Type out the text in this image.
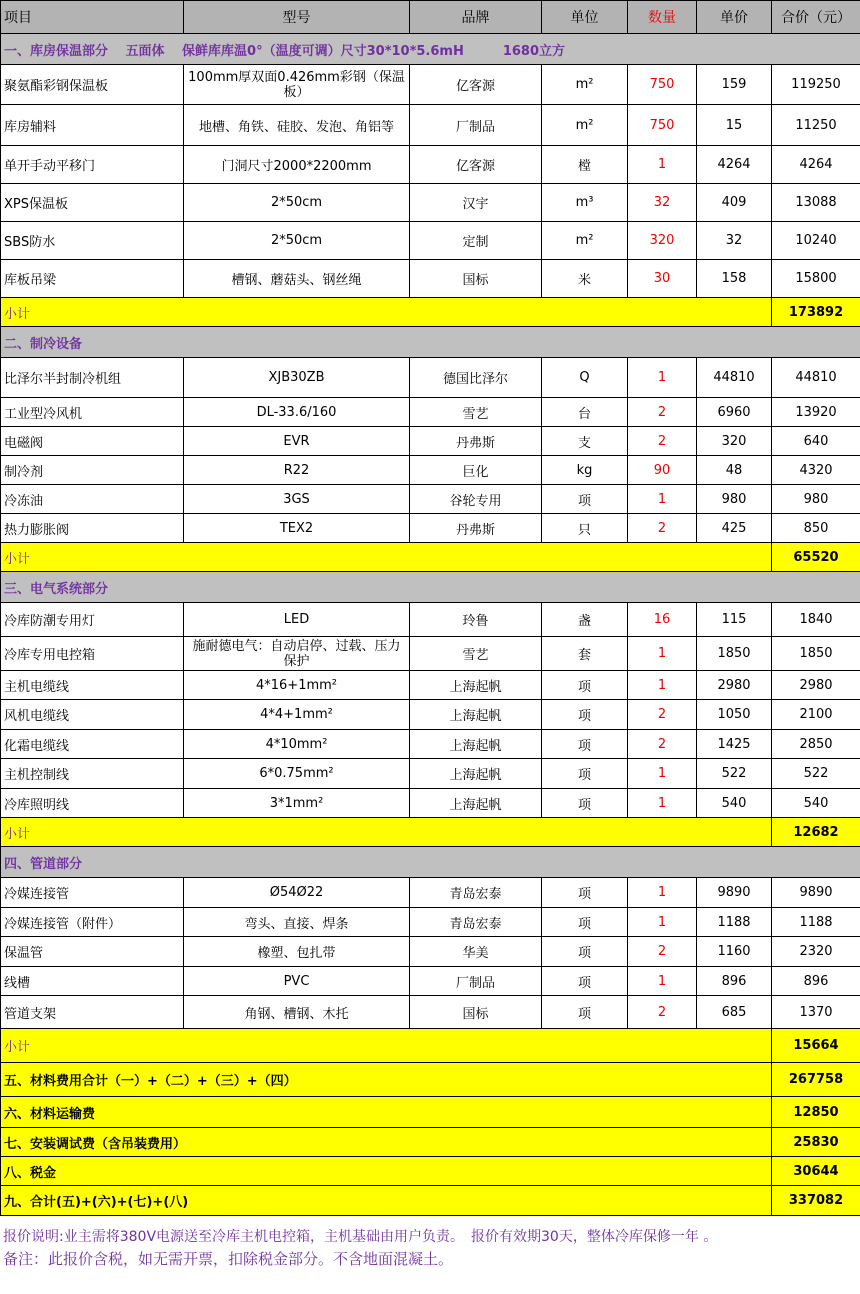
项目	型号	品牌	单位	数量	单价	合价（元）
一、库房保温部分　 五面体　 保鲜库库温0°（温度可调）尺寸30*10*5.6mH　　　1680立方						
聚氨酯彩钢保温板	100mm厚双面0.426mm彩钢（保温板）	亿客源	m²	750	159	119250
库房辅料	地槽、角铁、硅胶、发泡、角铝等	厂制品	m²	750	15	11250
单开手动平移门	门洞尺寸2000*2200mm	亿客源	樘	1	4264	4264
XPS保温板	2*50cm	汉宇	m³	32	409	13088
SBS防水	2*50cm	定制	m²	320	32	10240
库板吊梁	槽钢、蘑菇头、钢丝绳	国标	米	30	158	15800
小计						173892
二、制冷设备						
比泽尔半封制冷机组	XJB30ZB	德国比泽尔	Q	1	44810	44810
工业型冷风机	DL-33.6/160	雪艺	台	2	6960	13920
电磁阀	EVR	丹弗斯	支	2	320	640
制冷剂	R22	巨化	kg	90	48	4320
冷冻油	3GS	谷轮专用	项	1	980	980
热力膨胀阀	TEX2	丹弗斯	只	2	425	850
小计						65520
三、电气系统部分						
冷库防潮专用灯	LED	玲鲁	盏	16	115	1840
冷库专用电控箱	施耐德电气：自动启停、过载、压力保护	雪艺	套	1	1850	1850
主机电缆线	4*16+1mm²	上海起帆	项	1	2980	2980
风机电缆线	4*4+1mm²	上海起帆	项	2	1050	2100
化霜电缆线	4*10mm²	上海起帆	项	2	1425	2850
主机控制线	6*0.75mm²	上海起帆	项	1	522	522
冷库照明线	3*1mm²	上海起帆	项	1	540	540
小计						12682
四、管道部分						
冷媒连接管	Ø54Ø22	青岛宏泰	项	1	9890	9890
冷媒连接管（附件）	弯头、直接、焊条	青岛宏泰	项	1	1188	1188
保温管	橡塑、包扎带	华美	项	2	1160	2320
线槽	PVC	厂制品	项	1	896	896
管道支架	角钢、槽钢、木托	国标	项	2	685	1370
小计						15664
五、材料费用合计（一）+（二）+（三）+（四）						267758
六、材料运输费						12850
七、安装调试费（含吊装费用）						25830
八、税金						30644
九、合计(五)+(六)+(七)+(八)						337082
报价说明:业主需将380V电源送至冷库主机电控箱，主机基础由用户负责。　报价有效期30天，整体冷库保修一年 。
备注：此报价含税，如无需开票，扣除税金部分。不含地面混凝土。
